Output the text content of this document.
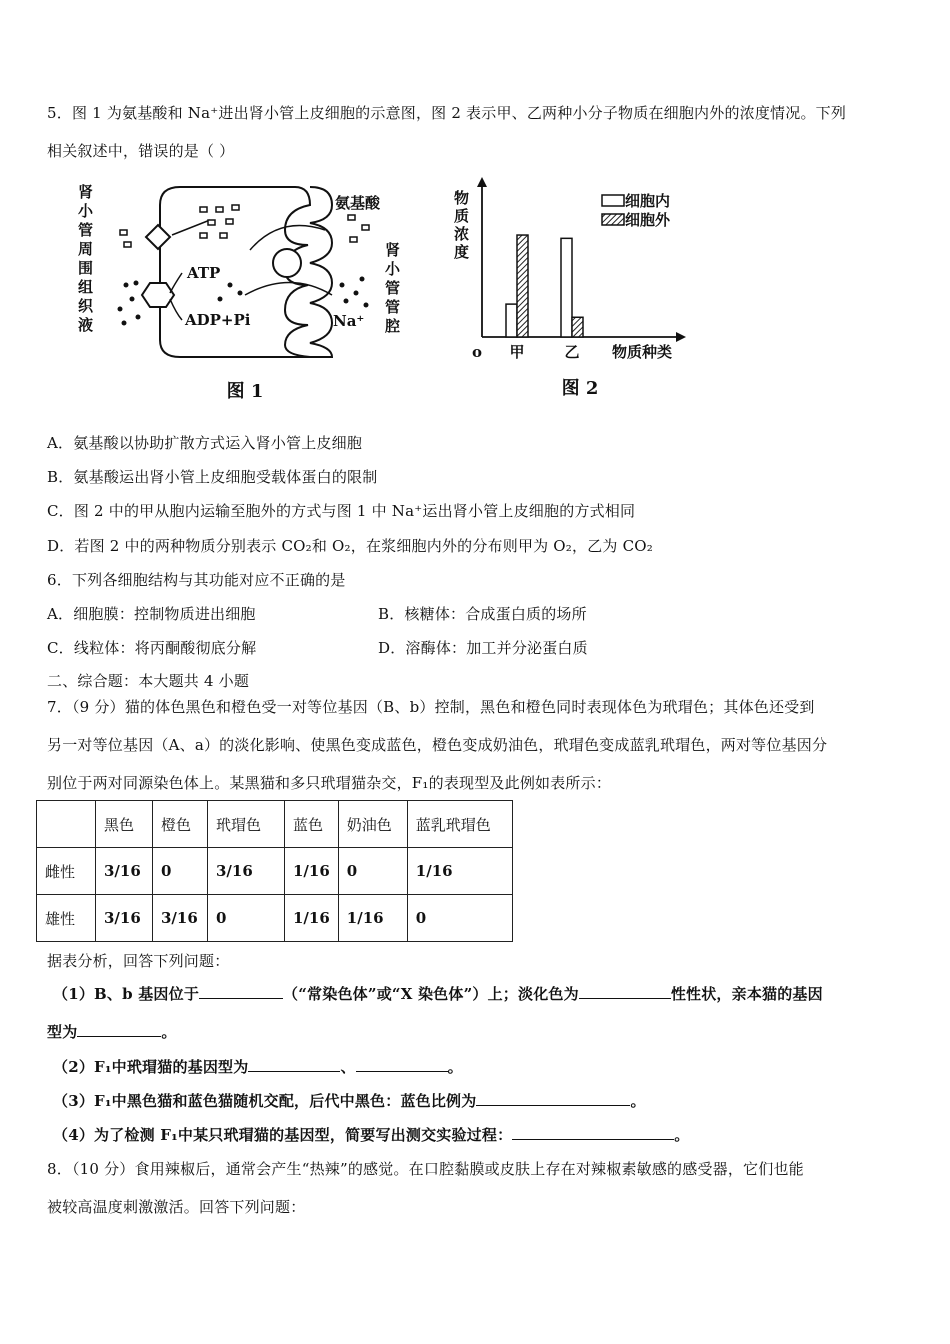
5．图 1 为氨基酸和 Na⁺进出肾小管上皮细胞的示意图，图 2 表示甲、乙两种小分子物质在细胞内外的浓度情况。下列
相关叙述中，错误的是（ ）
肾
小
管
周
围
组
织
液
肾
小
管
管
腔
氨基酸
ATP
ADP+Pi	Na⁺
图 1
物
质
浓
度
o	物质种类
细胞内
细胞外
甲	乙
图 2
A．氨基酸以协助扩散方式运入肾小管上皮细胞
B．氨基酸运出肾小管上皮细胞受载体蛋白的限制
C．图 2 中的甲从胞内运输至胞外的方式与图 1 中 Na⁺运出肾小管上皮细胞的方式相同
D．若图 2 中的两种物质分别表示 CO₂和 O₂，在浆细胞内外的分布则甲为 O₂，乙为 CO₂
6．下列各细胞结构与其功能对应不正确的是
A．细胞膜：控制物质进出细胞	B．核糖体：合成蛋白质的场所
C．线粒体：将丙酮酸彻底分解	D．溶酶体：加工并分泌蛋白质
二、综合题：本大题共 4 小题
7．（9 分）猫的体色黑色和橙色受一对等位基因（B、b）控制，黑色和橙色同时表现体色为玳瑁色；其体色还受到
另一对等位基因（A、a）的淡化影响、使黑色变成蓝色，橙色变成奶油色，玳瑁色变成蓝乳玳瑁色，两对等位基因分
别位于两对同源染色体上。某黑猫和多只玳瑁猫杂交，F₁的表现型及此例如表所示：
	黑色	橙色	玳瑁色	蓝色	奶油色	蓝乳玳瑁色
雌性	3/16	0	3/16	1/16	0	1/16
雄性	3/16	3/16	0	1/16	1/16	0
据表分析，回答下列问题：
（1）B、b 基因位于	（“常染色体”或“X 染色体”）上；淡化色为	性性状，亲本猫的基因
型为	。
（2）F₁中玳瑁猫的基因型为	、	。
（3）F₁中黑色猫和蓝色猫随机交配，后代中黑色：蓝色比例为	。
（4）为了检测 F₁中某只玳瑁猫的基因型，简要写出测交实验过程：	。
8．（10 分）食用辣椒后，通常会产生“热辣”的感觉。在口腔黏膜或皮肤上存在对辣椒素敏感的感受器，它们也能
被较高温度刺激激活。回答下列问题：
